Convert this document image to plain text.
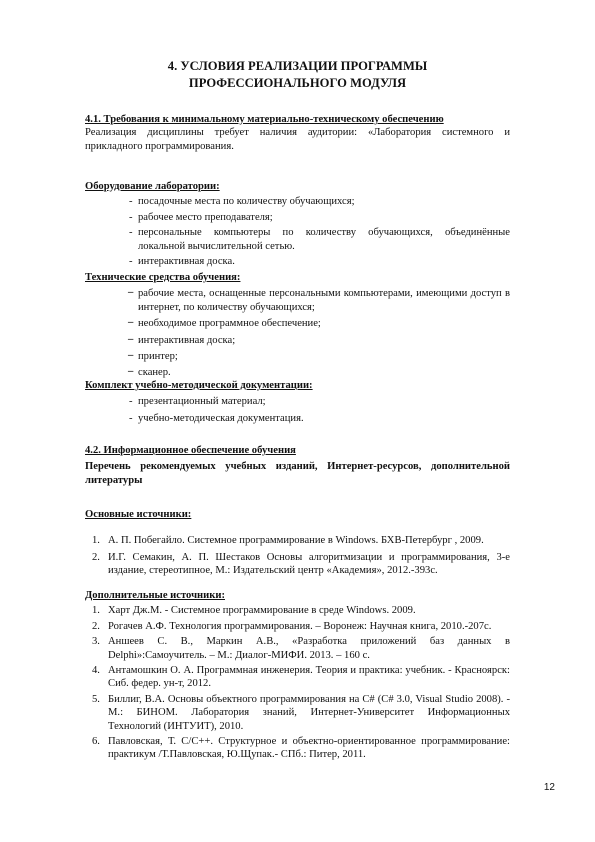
4. УСЛОВИЯ РЕАЛИЗАЦИИ ПРОГРАММЫ
ПРОФЕССИОНАЛЬНОГО МОДУЛЯ
4.1. Требования к минимальному материально-техническому обеспечению
Реализация дисциплины требует наличия аудитории: «Лаборатория системного и
прикладного программирования.
Оборудование лаборатории:
- посадочные места по количеству обучающихся;
- рабочее место преподавателя;
- персональные компьютеры по количеству обучающихся, объединённые локальной вычислительной сетью.
- интерактивная доска.
Технические средства обучения:
– рабочие места, оснащенные персональными компьютерами, имеющими доступ в интернет, по количеству обучающихся;
– необходимое программное обеспечение;
– интерактивная доска;
– принтер;
– сканер.
Комплект учебно-методической документации:
- презентационный материал;
- учебно-методическая документация.
4.2. Информационное обеспечение обучения
Перечень рекомендуемых учебных изданий, Интернет-ресурсов, дополнительной
литературы
Основные источники:
1. А. П. Побегайло. Системное программирование в Windows. БХВ-Петербург , 2009.
2. И.Г. Семакин, А. П. Шестаков Основы алгоритмизации и программирования, 3-е издание, стереотипное, М.: Издательский центр «Академия», 2012.-393с.
Дополнительные источники:
1. Харт Дж.М. - Системное программирование в среде Windows. 2009.
2. Рогачев А.Ф. Технология программирования. – Воронеж: Научная книга, 2010.-207с.
3. Аншеев С. В., Маркин А.В., «Разработка приложений баз данных в Delphi»:Самоучитель. – М.: Диалог-МИФИ. 2013. – 160 с.
4. Антамошкин О. А. Программная инженерия. Теория и практика: учебник. - Красноярск: Сиб. федер. ун-т, 2012.
5. Биллиг, В.А. Основы объектного программирования на C# (C# 3.0, Visual Studio 2008). - М.: БИНОМ. Лаборатория знаний, Интернет-Университет Информационных Технологий (ИНТУИТ), 2010.
6. Павловская, Т. C/C++. Структурное и объектно-ориентированное программирование: практикум /Т.Павловская, Ю.Щупак.- СПб.: Питер, 2011.
12
